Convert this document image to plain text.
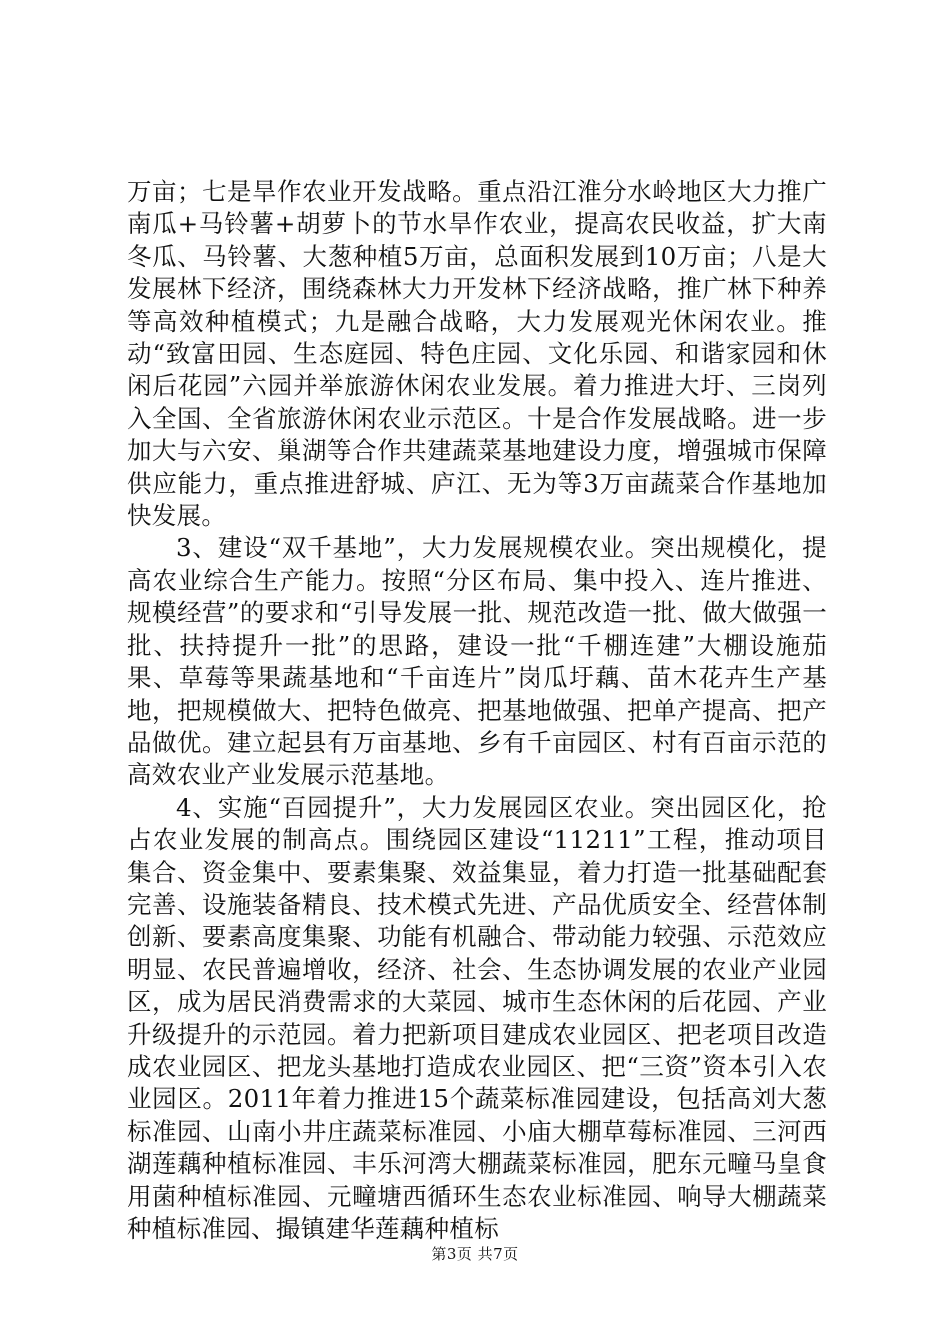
万亩；七是旱作农业开发战略。重点沿江淮分水岭地区大力推广南瓜+马铃薯+胡萝卜的节水旱作农业，提高农民收益，扩大南冬瓜、马铃薯、大葱种植5万亩，总面积发展到10万亩；八是大发展林下经济，围绕森林大力开发林下经济战略，推广林下种养等高效种植模式；九是融合战略，大力发展观光休闲农业。推动“致富田园、生态庭园、特色庄园、文化乐园、和谐家园和休闲后花园”六园并举旅游休闲农业发展。着力推进大圩、三岗列入全国、全省旅游休闲农业示范区。十是合作发展战略。进一步加大与六安、巢湖等合作共建蔬菜基地建设力度，增强城市保障供应能力，重点推进舒城、庐江、无为等3万亩蔬菜合作基地加快发展。

3、建设“双千基地”，大力发展规模农业。突出规模化，提高农业综合生产能力。按照“分区布局、集中投入、连片推进、规模经营”的要求和“引导发展一批、规范改造一批、做大做强一批、扶持提升一批”的思路，建设一批“千棚连建”大棚设施茄果、草莓等果蔬基地和“千亩连片”岗瓜圩藕、苗木花卉生产基地，把规模做大、把特色做亮、把基地做强、把单产提高、把产品做优。建立起县有万亩基地、乡有千亩园区、村有百亩示范的高效农业产业发展示范基地。

4、实施“百园提升”，大力发展园区农业。突出园区化，抢占农业发展的制高点。围绕园区建设“11211”工程，推动项目集合、资金集中、要素集聚、效益集显，着力打造一批基础配套完善、设施装备精良、技术模式先进、产品优质安全、经营体制创新、要素高度集聚、功能有机融合、带动能力较强、示范效应明显、农民普遍增收，经济、社会、生态协调发展的农业产业园区，成为居民消费需求的大菜园、城市生态休闲的后花园、产业升级提升的示范园。着力把新项目建成农业园区、把老项目改造成农业园区、把龙头基地打造成农业园区、把“三资”资本引入农业园区。2011年着力推进15个蔬菜标准园建设，包括高刘大葱标准园、山南小井庄蔬菜标准园、小庙大棚草莓标准园、三河西湖莲藕种植标准园、丰乐河湾大棚蔬菜标准园，肥东元疃马皇食用菌种植标准园、元疃塘西循环生态农业标准园、响导大棚蔬菜种植标准园、撮镇建华莲藕种植标

第3页 共7页
